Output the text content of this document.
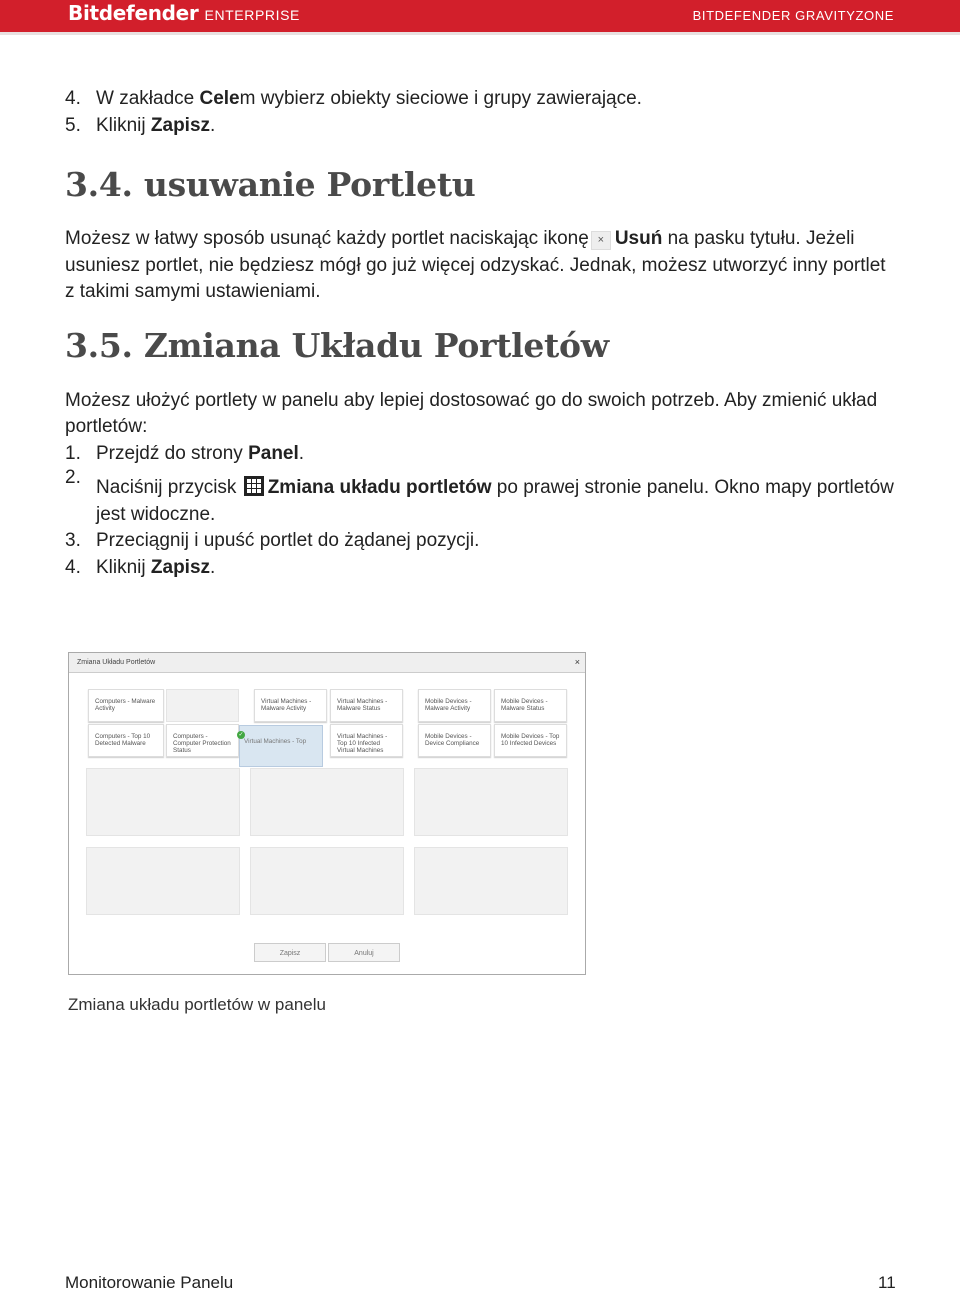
Bitdefender ENTERPRISE	BITDEFENDER GRAVITYZONE

4. W zakładce Celem wybierz obiekty sieciowe i grupy zawierające.

5. Kliknij Zapisz.

3.4. usuwanie Portletu

Możesz w łatwy sposób usunąć każdy portlet naciskając ikonę × Usuń na pasku tytułu. Jeżeli usuniesz portlet, nie będziesz mógł go już więcej odzyskać. Jednak, możesz utworzyć inny portlet z takimi samymi ustawieniami.

3.5. Zmiana Układu Portletów

Możesz ułożyć portlety w panelu aby lepiej dostosować go do swoich potrzeb. Aby zmienić układ portletów:

1. Przejdź do strony Panel.

2. Naciśnij przycisk
Zmiana układu portletów po prawej stronie panelu. Okno mapy portletów jest widoczne.

3. Przeciągnij i upuść portlet do żądanej pozycji.

4. Kliknij Zapisz.

Zmiana Układu Portletów	×
Computers - Malware Activity
Virtual Machines - Malware Activity
Virtual Machines - Malware Status
Mobile Devices - Malware Activity
Mobile Devices - Malware Status
Computers - Top 10 Detected Malware
Computers - Computer Protection Status
Virtual Machines - Top
✓	Virtual Machines - Top 10 Infected Virtual Machines
Mobile Devices - Device Compliance
Mobile Devices - Top 10 Infected Devices
Zapisz	Anuluj
Zmiana układu portletów w panelu
Monitorowanie Panelu	11
